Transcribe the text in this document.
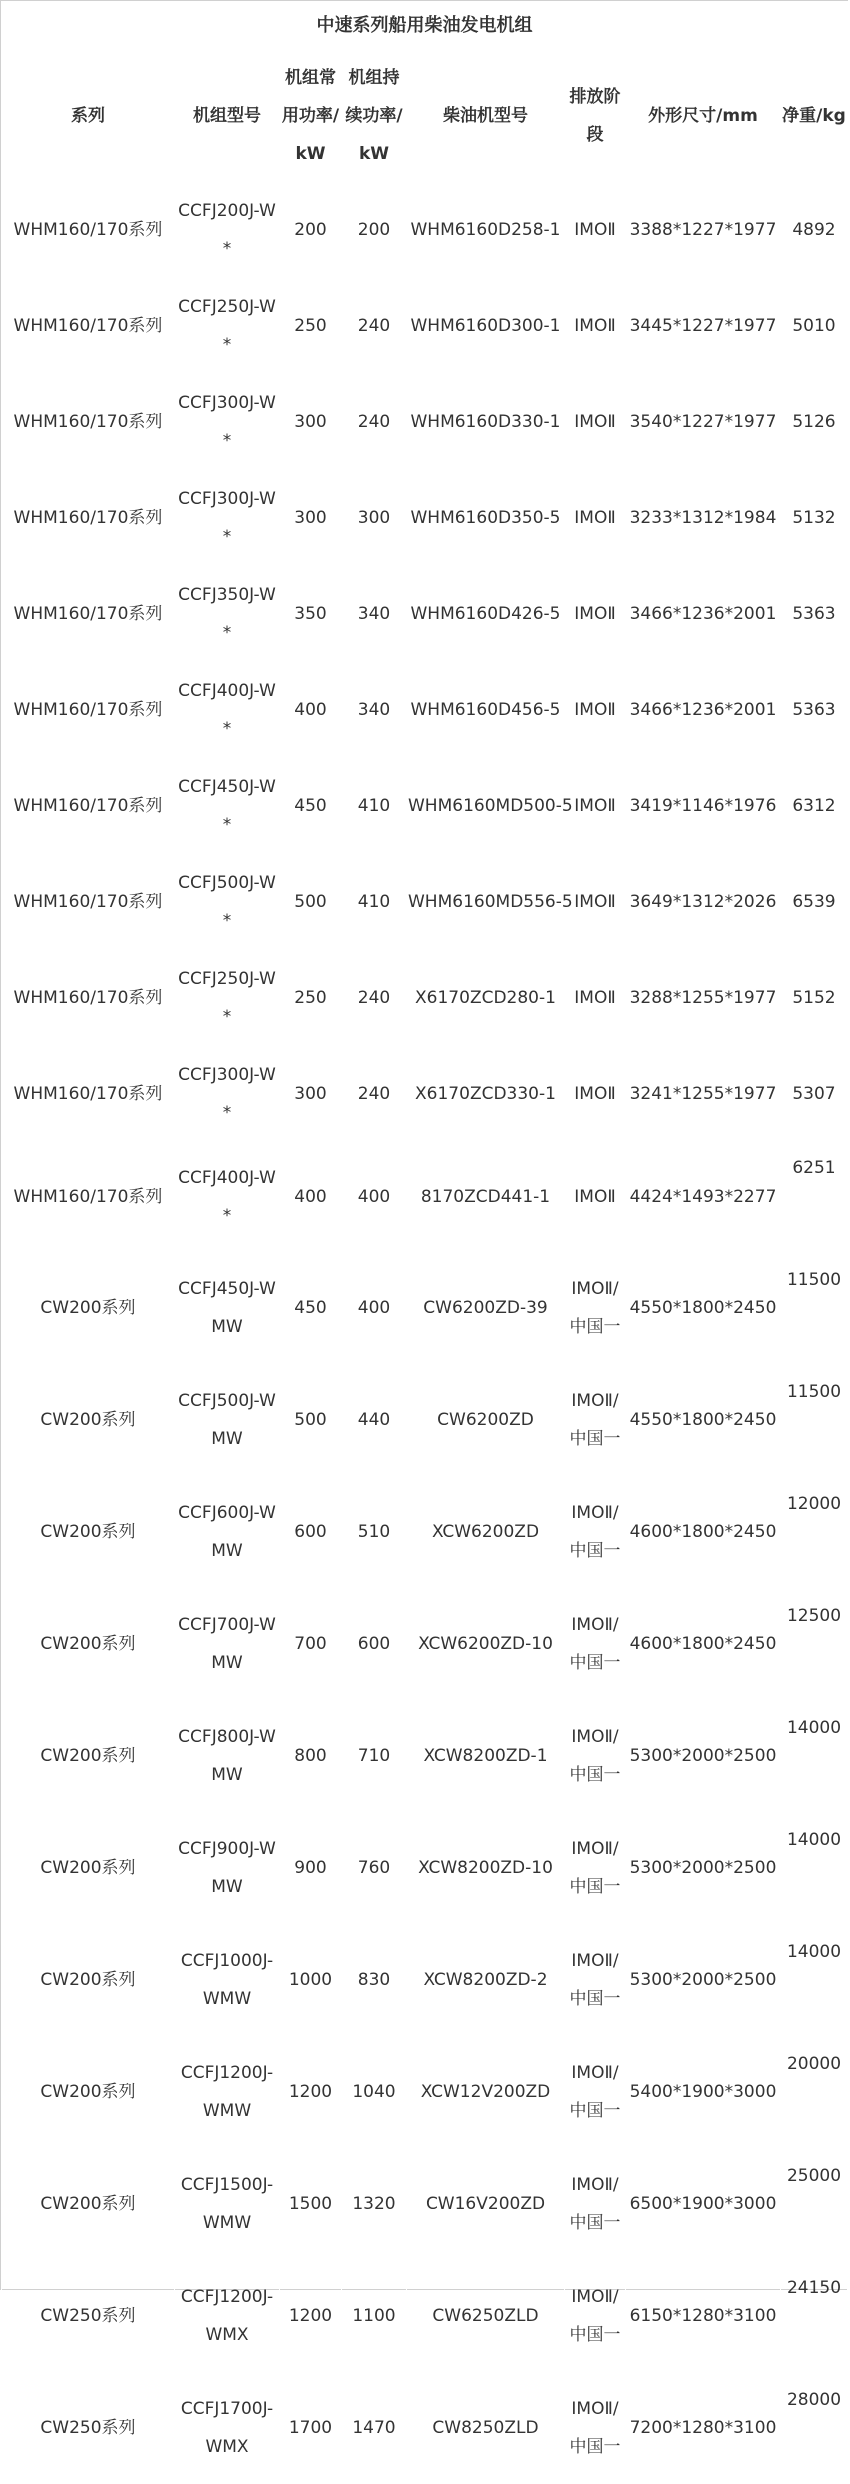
中速系列船用柴油发电机组							
系列	机组型号	机组常用功率/kW	机组持续功率/kW	柴油机型号	排放阶段	外形尺寸/mm	净重/kg
WHM160/170系列	CCFJ200J-W*	200	200	WHM6160D258-1	IMOⅡ	3388*1227*1977	4892
WHM160/170系列	CCFJ250J-W*	250	240	WHM6160D300-1	IMOⅡ	3445*1227*1977	5010
WHM160/170系列	CCFJ300J-W*	300	240	WHM6160D330-1	IMOⅡ	3540*1227*1977	5126
WHM160/170系列	CCFJ300J-W*	300	300	WHM6160D350-5	IMOⅡ	3233*1312*1984	5132
WHM160/170系列	CCFJ350J-W*	350	340	WHM6160D426-5	IMOⅡ	3466*1236*2001	5363
WHM160/170系列	CCFJ400J-W*	400	340	WHM6160D456-5	IMOⅡ	3466*1236*2001	5363
WHM160/170系列	CCFJ450J-W*	450	410	WHM6160MD500-5	IMOⅡ	3419*1146*1976	6312
WHM160/170系列	CCFJ500J-W*	500	410	WHM6160MD556-5	IMOⅡ	3649*1312*2026	6539
WHM160/170系列	CCFJ250J-W*	250	240	X6170ZCD280-1	IMOⅡ	3288*1255*1977	5152
WHM160/170系列	CCFJ300J-W*	300	240	X6170ZCD330-1	IMOⅡ	3241*1255*1977	5307
WHM160/170系列	CCFJ400J-W*	400	400	8170ZCD441-1	IMOⅡ	4424*1493*2277	6251
CW200系列	CCFJ450J-WMW	450	400	CW6200ZD-39	IMOⅡ/中国一	4550*1800*2450	11500
CW200系列	CCFJ500J-WMW	500	440	CW6200ZD	IMOⅡ/中国一	4550*1800*2450	11500
CW200系列	CCFJ600J-WMW	600	510	XCW6200ZD	IMOⅡ/中国一	4600*1800*2450	12000
CW200系列	CCFJ700J-WMW	700	600	XCW6200ZD-10	IMOⅡ/中国一	4600*1800*2450	12500
CW200系列	CCFJ800J-WMW	800	710	XCW8200ZD-1	IMOⅡ/中国一	5300*2000*2500	14000
CW200系列	CCFJ900J-WMW	900	760	XCW8200ZD-10	IMOⅡ/中国一	5300*2000*2500	14000
CW200系列	CCFJ1000J-WMW	1000	830	XCW8200ZD-2	IMOⅡ/中国一	5300*2000*2500	14000
CW200系列	CCFJ1200J-WMW	1200	1040	XCW12V200ZD	IMOⅡ/中国一	5400*1900*3000	20000
CW200系列	CCFJ1500J-WMW	1500	1320	CW16V200ZD	IMOⅡ/中国一	6500*1900*3000	25000
CW250系列	CCFJ1200J-WMX	1200	1100	CW6250ZLD	IMOⅡ/中国一	6150*1280*3100	24150
CW250系列	CCFJ1700J-WMX	1700	1470	CW8250ZLD	IMOⅡ/中国一	7200*1280*3100	28000
